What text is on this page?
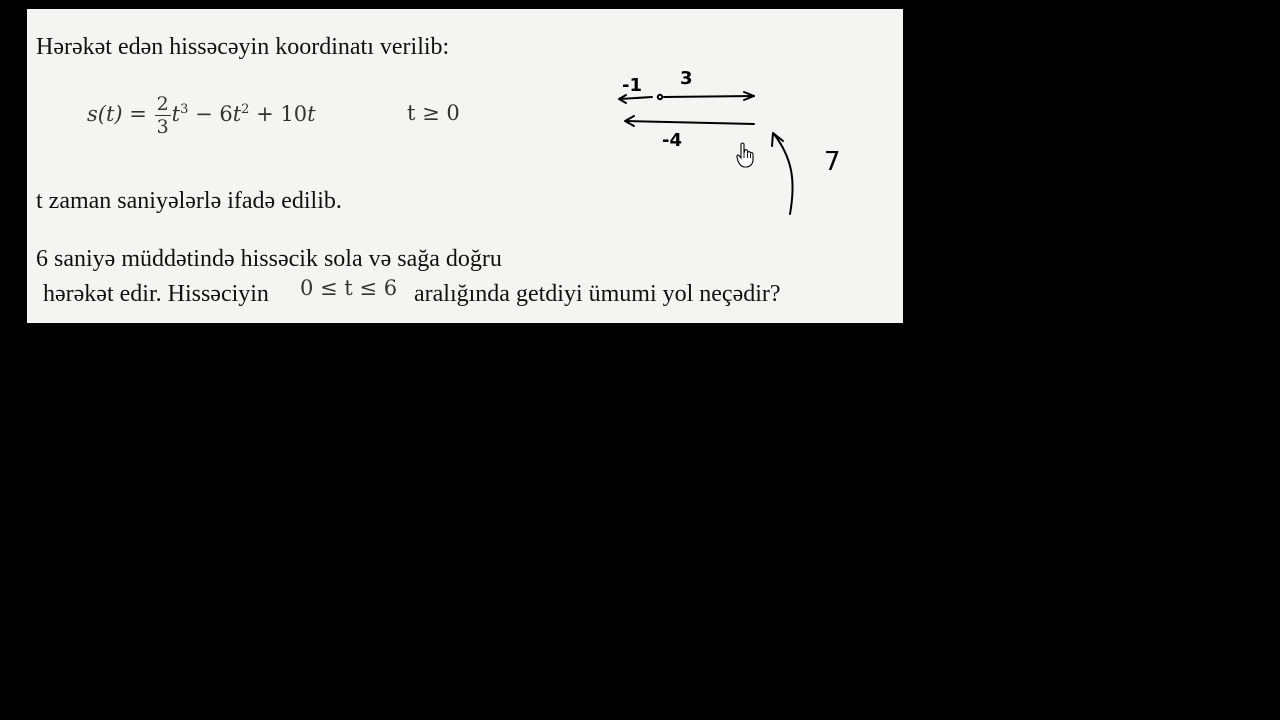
Hərəkət edən hissəcəyin koordinatı verilib:
$s(t) = \frac{2}{3} t^3 - 6t^2 + 10t$	t ≥ 0
t zaman saniyələrlə ifadə edilib.
6 saniyə müddətində hissəcik sola və sağa doğru
hərəkət edir. Hissəciyin 0 ≤ t ≤ 6 aralığında getdiyi ümumi yol neçədir?
-1 3
-4
7
